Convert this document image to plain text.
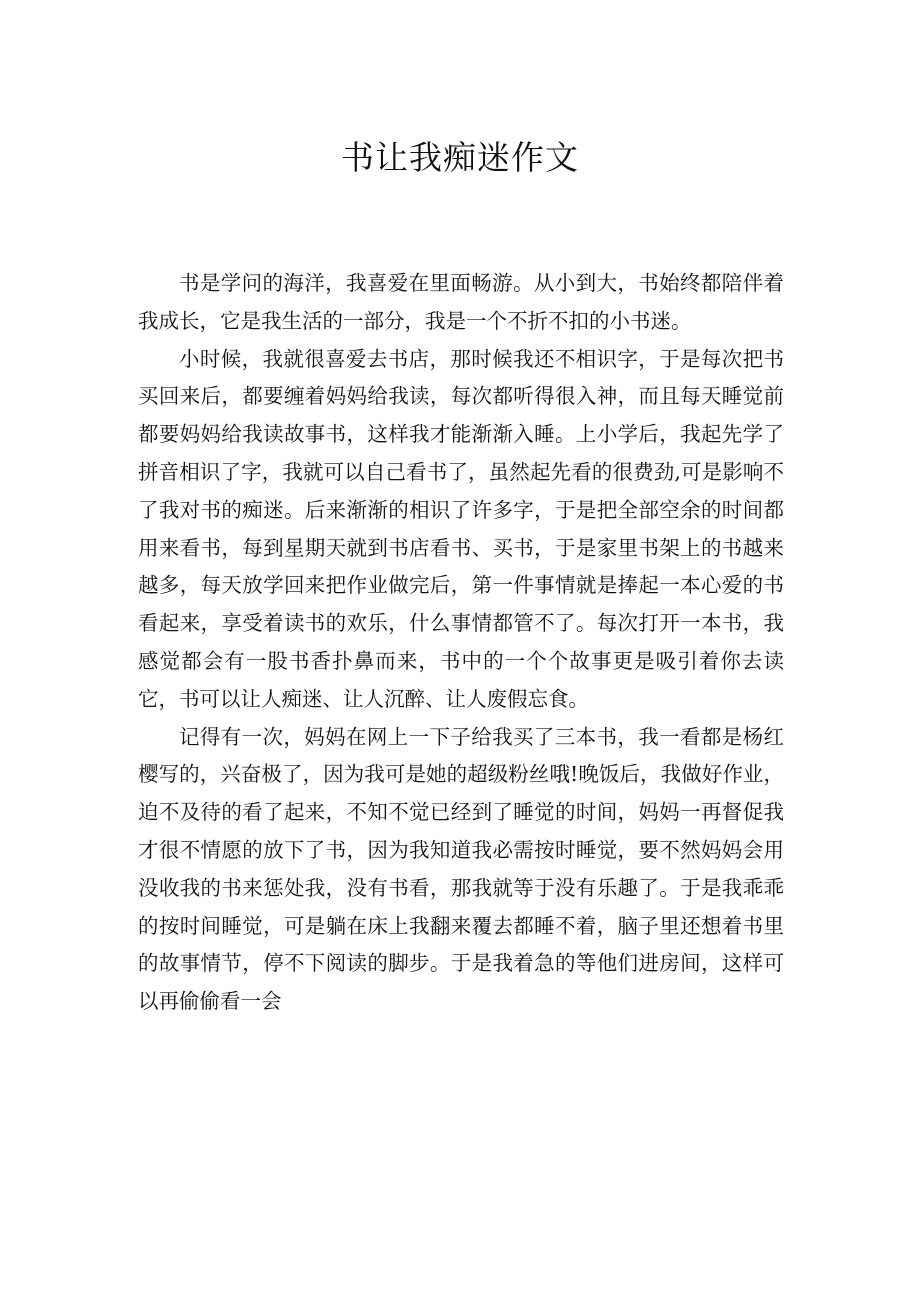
书让我痴迷作文

书是学问的海洋，我喜爱在里面畅游。从小到大，书始终都陪伴着我成长，它是我生活的一部分，我是一个不折不扣的小书迷。

小时候，我就很喜爱去书店，那时候我还不相识字，于是每次把书买回来后，都要缠着妈妈给我读，每次都听得很入神，而且每天睡觉前都要妈妈给我读故事书，这样我才能渐渐入睡。上小学后，我起先学了拼音相识了字，我就可以自己看书了，虽然起先看的很费劲,可是影响不了我对书的痴迷。后来渐渐的相识了许多字，于是把全部空余的时间都用来看书，每到星期天就到书店看书、买书，于是家里书架上的书越来越多，每天放学回来把作业做完后，第一件事情就是捧起一本心爱的书看起来，享受着读书的欢乐，什么事情都管不了。每次打开一本书，我感觉都会有一股书香扑鼻而来，书中的一个个故事更是吸引着你去读它，书可以让人痴迷、让人沉醉、让人废假忘食。

记得有一次，妈妈在网上一下子给我买了三本书，我一看都是杨红樱写的，兴奋极了，因为我可是她的超级粉丝哦!晚饭后，我做好作业，迫不及待的看了起来，不知不觉已经到了睡觉的时间，妈妈一再督促我才很不情愿的放下了书，因为我知道我必需按时睡觉，要不然妈妈会用没收我的书来惩处我，没有书看，那我就等于没有乐趣了。于是我乖乖的按时间睡觉，可是躺在床上我翻来覆去都睡不着，脑子里还想着书里的故事情节，停不下阅读的脚步。于是我着急的等他们进房间，这样可以再偷偷看一会
